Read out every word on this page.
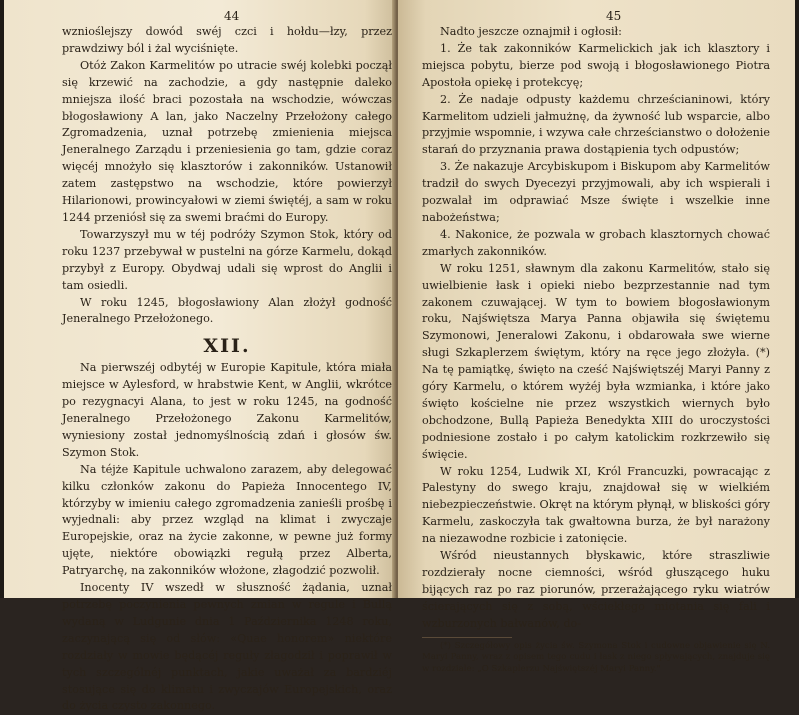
44

wznioślejszy dowód swéj czci i hołdu—łzy, przez prawdziwy ból i żal wyciśnięte.

Otóż Zakon Karmelitów po utracie swéj kolebki począł się krzewić na zachodzie, a gdy następnie daleko mniejsza ilość braci pozostała na wschodzie, wówczas błogosławiony A lan, jako Naczelny Przełożony całego Zgromadzenia, uznał potrzebę zmienienia miejsca Jeneralnego Zarządu i przeniesienia go tam, gdzie coraz więcéj mnożyło się klasztorów i zakonników. Ustanowił zatem zastępstwo na wschodzie, które powierzył Hilarionowi, prowincyałowi w ziemi świętéj, a sam w roku 1244 przeniósł się za swemi braćmi do Europy.

Towarzyszył mu w téj podróży Szymon Stok, który od roku 1237 przebywał w pustelni na górze Karmelu, dokąd przybył z Europy. Obydwaj udali się wprost do Anglii i tam osiedli.

W roku 1245, błogosławiony Alan złożył godność Jeneralnego Przełożonego.

XII.

Na pierwszéj odbytéj w Europie Kapitule, która miała miejsce w Aylesford, w hrabstwie Kent, w Anglii, wkrótce po rezygnacyi Alana, to jest w roku 1245, na godność Jeneralnego Przełożonego Zakonu Karmelitów, wyniesiony został jednomyślnością zdań i głosów św. Szymon Stok.

Na téjże Kapitule uchwalono zarazem, aby delegować kilku członków zakonu do Papieża Innocentego IV, którzyby w imieniu całego zgromadzenia zanieśli prośbę i wyjednali: aby przez wzgląd na klimat i zwyczaje Europejskie, oraz na życie zakonne, w pewne już formy ujęte, niektóre obowiązki regułą przez Alberta, Patryarchę, na zakonników włożone, złagodzić pozwolił.

Inocenty IV wszedł w słuszność żądania, uznał potrzebę poczynienia pewnych zmian w regule i Bullą wydaną w Ludgunie dnia 1 Października 1248 roku, zaczynającą się od słów: «Quae honorem» niektóre rozdziały w mowie będącéj reguły złagodził i poprawił w tych szczególnéj punktach, jakie uważał za bardziéj stosujące się do klimatu i zwyczajów Europejskich, oraz do życia czysto zakonnego.

45

Nadto jeszcze oznajmił i ogłosił:

1. Że tak zakonników Karmelickich jak ich klasztory i miejsca pobytu, bierze pod swoją i błogosławionego Piotra Apostoła opiekę i protekcyę;

2. Że nadaje odpusty każdemu chrześcianinowi, który Karmelitom udzieli jałmużnę, da żywność lub wsparcie, albo przyjmie wspomnie, i wzywa całe chrześcianstwo o dołożenie starań do przyznania prawa dostąpienia tych odpustów;

3. Że nakazuje Arcybiskupom i Biskupom aby Karmelitów tradził do swych Dyecezyi przyjmowali, aby ich wspierali i pozwalał im odprawiać Msze święte i wszelkie inne nabożeństwa;

4. Nakonice, że pozwala w grobach klasztornych chować zmarłych zakonników.

W roku 1251, sławnym dla zakonu Karmelitów, stało się uwielbienie łask i opieki niebo bezprzestannie nad tym zakonem czuwającej. W tym to bowiem błogosławionym roku, Najświętsza Marya Panna objawiła się świętemu Szymonowi, Jeneralowi Zakonu, i obdarowała swe wierne sługi Szkaplerzem świętym, który na ręce jego złożyła. (*) Na tę pamiątkę, święto na cześć Najświętszéj Maryi Panny z góry Karmelu, o którem wyżéj była wzmianka, i które jako święto kościelne nie przez wszystkich wiernych było obchodzone, Bullą Papieża Benedykta XIII do uroczystości podniesione zostało i po całym katolickim rozkrzewiło się święcie.

W roku 1254, Ludwik XI, Król Francuzki, powracając z Palestyny do swego kraju, znajdował się w wielkiém niebezpieczeństwie. Okręt na którym płynął, w bliskości góry Karmelu, zaskoczyła tak gwałtowna burza, że był narażony na niezawodne rozbicie i zatonięcie.

Wśród nieustannych błyskawic, które straszliwie rozdzierały nocne ciemności, wśród głuszącego huku bijących raz po raz piorunów, przerażającego ryku wiatrów ścierających się z sobą, wściekłego miotania się fali i wzburzonych bałwanów, do-

(*) Szczegółowy opis życia św. Szymona Stok i cudowne objawienie się N. Maryi Panny, wraz z opisem tego cudu i łask z niego spływających, znajduje się w rozdziale: „O Szkaplerzu Najświętszéj Maryi Panny."
